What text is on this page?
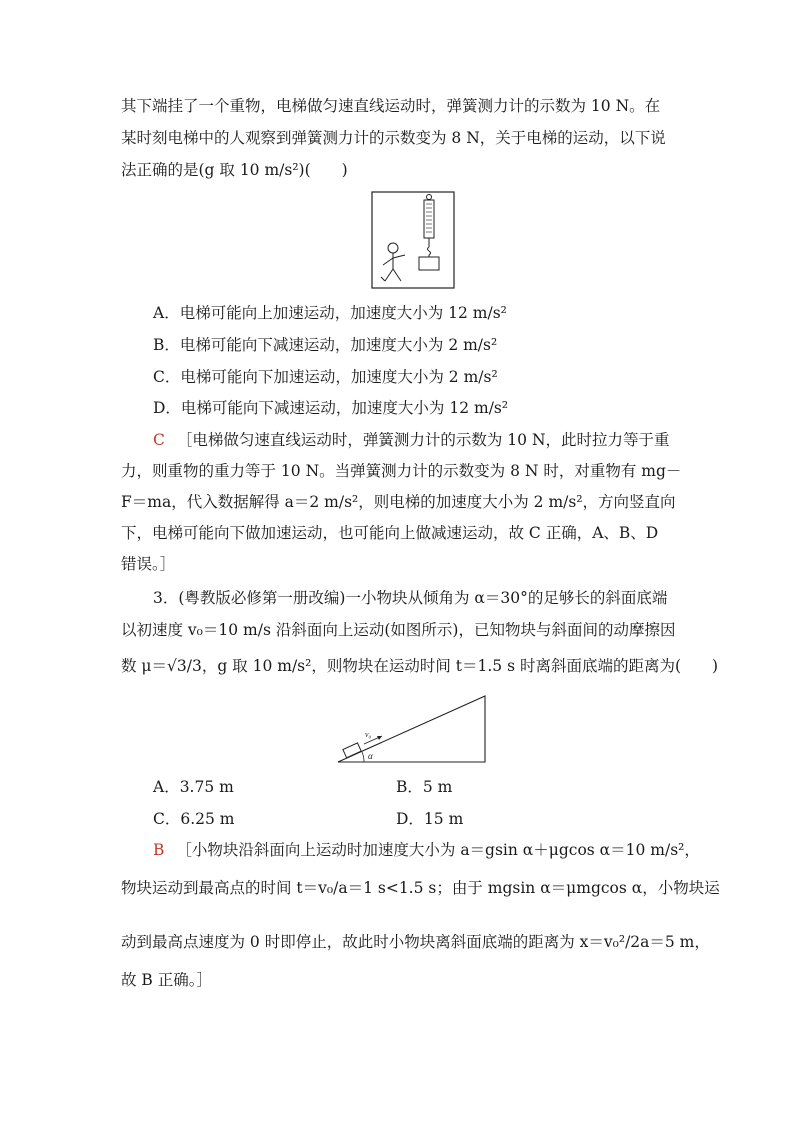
其下端挂了一个重物，电梯做匀速直线运动时，弹簧测力计的示数为 10 N。在
某时刻电梯中的人观察到弹簧测力计的示数变为 8 N，关于电梯的运动，以下说
法正确的是(g 取 10 m/s²)(　　)
A．电梯可能向上加速运动，加速度大小为 12 m/s²
B．电梯可能向下减速运动，加速度大小为 2 m/s²
C．电梯可能向下加速运动，加速度大小为 2 m/s²
D．电梯可能向下减速运动，加速度大小为 12 m/s²
C ［电梯做匀速直线运动时，弹簧测力计的示数为 10 N，此时拉力等于重
力，则重物的重力等于 10 N。当弹簧测力计的示数变为 8 N 时，对重物有 mg－
F＝ma，代入数据解得 a＝2 m/s²，则电梯的加速度大小为 2 m/s²，方向竖直向
下，电梯可能向下做加速运动，也可能向上做减速运动，故 C 正确，A、B、D
错误。］
3．(粤教版必修第一册改编)一小物块从倾角为 α＝30°的足够长的斜面底端
以初速度 v₀＝10 m/s 沿斜面向上运动(如图所示)，已知物块与斜面间的动摩擦因
数 μ＝√3/3，g 取 10 m/s²，则物块在运动时间 t＝1.5 s 时离斜面底端的距离为(　　)
v₀
α
A．3.75 m	B．5 m
C．6.25 m	D．15 m
B ［小物块沿斜面向上运动时加速度大小为 a＝gsin α＋μgcos α＝10 m/s²，
物块运动到最高点的时间 t＝v₀/a＝1 s<1.5 s；由于 mgsin α＝μmgcos α，小物块运
动到最高点速度为 0 时即停止，故此时小物块离斜面底端的距离为 x＝v₀²/2a＝5 m，
故 B 正确。］
